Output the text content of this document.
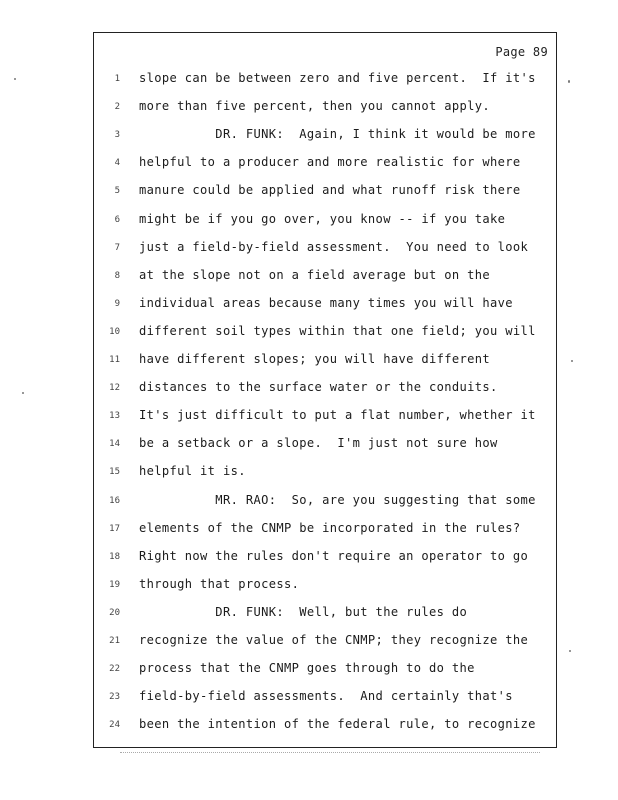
Page 89
1 slope can be between zero and five percent.  If it's
2 more than five percent, then you cannot apply.
3 DR. FUNK:  Again, I think it would be more
4 helpful to a producer and more realistic for where
5 manure could be applied and what runoff risk there
6 might be if you go over, you know -- if you take
7 just a field-by-field assessment.  You need to look
8 at the slope not on a field average but on the
9 individual areas because many times you will have
10 different soil types within that one field; you will
11 have different slopes; you will have different
12 distances to the surface water or the conduits.
13 It's just difficult to put a flat number, whether it
14 be a setback or a slope.  I'm just not sure how
15 helpful it is.
16 MR. RAO:  So, are you suggesting that some
17 elements of the CNMP be incorporated in the rules?
18 Right now the rules don't require an operator to go
19 through that process.
20 DR. FUNK:  Well, but the rules do
21 recognize the value of the CNMP; they recognize the
22 process that the CNMP goes through to do the
23 field-by-field assessments.  And certainly that's
24 been the intention of the federal rule, to recognize
